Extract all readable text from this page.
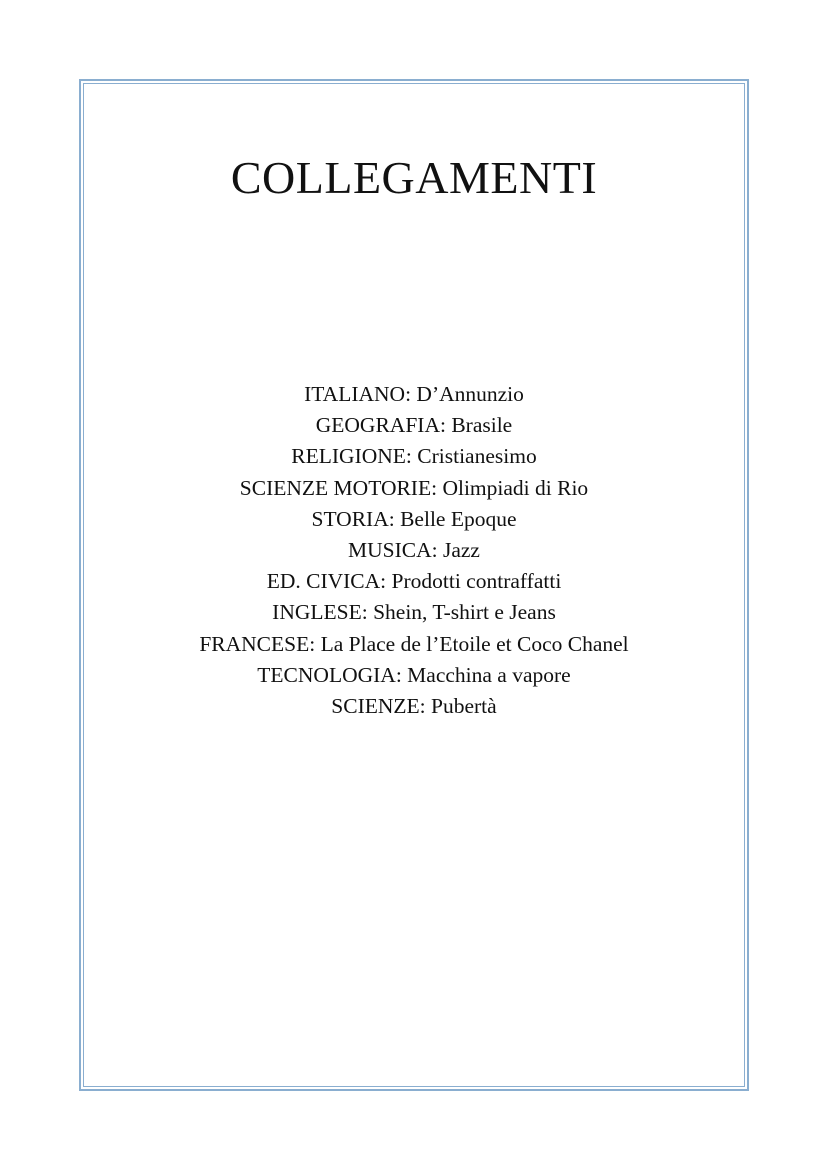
COLLEGAMENTI
ITALIANO: D’Annunzio
GEOGRAFIA: Brasile
RELIGIONE: Cristianesimo
SCIENZE MOTORIE: Olimpiadi di Rio
STORIA: Belle Epoque
MUSICA: Jazz
ED. CIVICA: Prodotti contraffatti
INGLESE: Shein, T-shirt e Jeans
FRANCESE: La Place de l’Etoile et Coco Chanel
TECNOLOGIA: Macchina a vapore
SCIENZE: Pubertà
